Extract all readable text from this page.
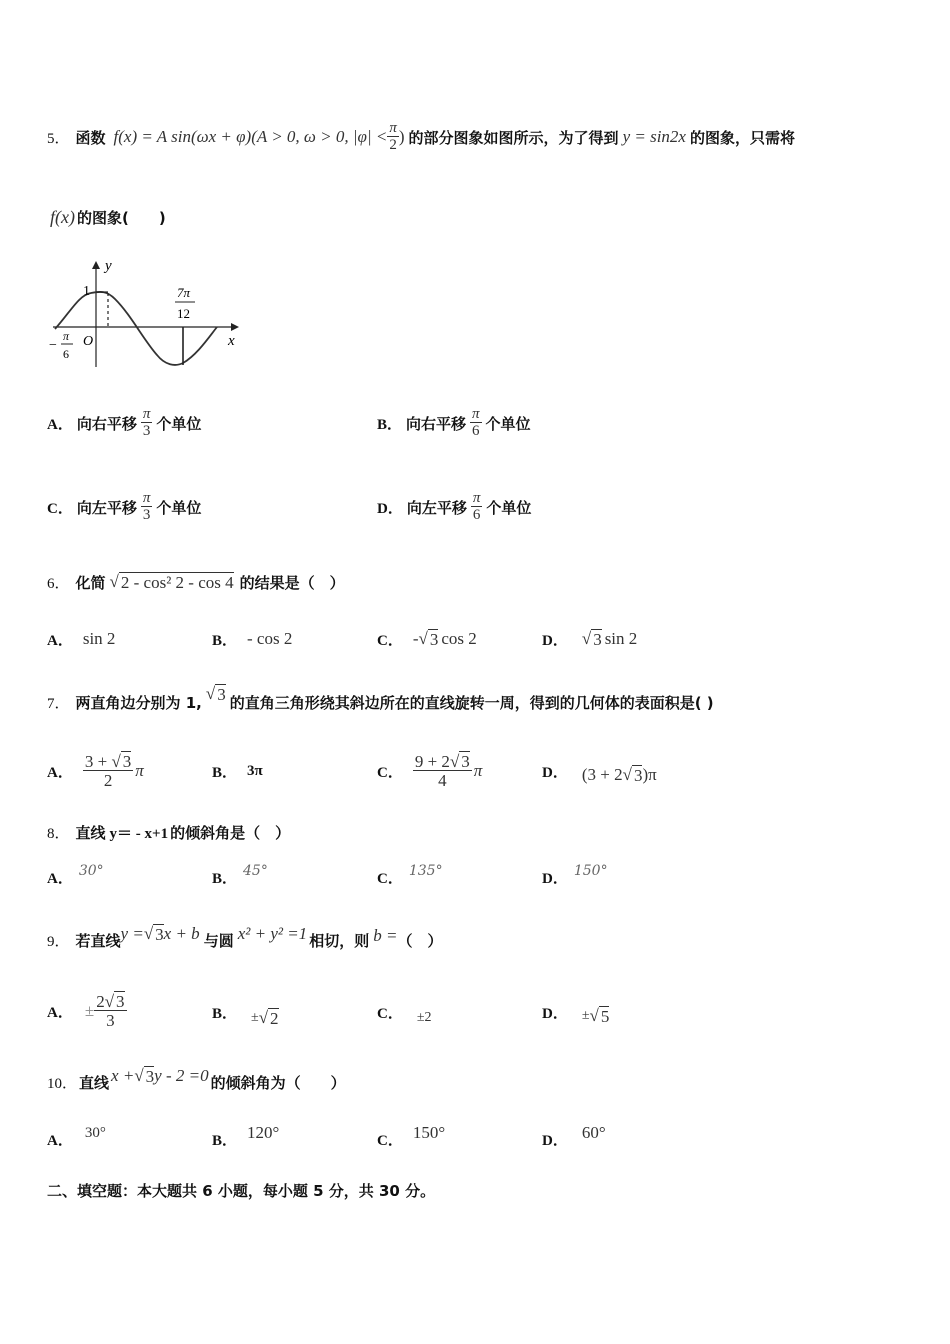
5． 函数 f(x) = A sin(ωx + φ)(A > 0, ω > 0, $|\varphi| < \frac{\pi}{2}$ ) 的部分图象如图所示，为了得到 y = sin2x 的图象，只需将
f(x) 的图象(　　)
y
x
O
1	7π
12
−
π
6
A． 向右平移 $\frac{\pi}{3}$ 个单位	B． 向右平移 $\frac{\pi}{6}$ 个单位
C． 向左平移 $\frac{\pi}{3}$ 个单位	D． 向左平移 $\frac{\pi}{6}$ 个单位
6． 化简 √ 2 - cos² 2 - cos 4 的结果是（　）
A． sin 2	B． - cos 2	C． - √ 3 cos 2	D． √ 3 sin 2
7． 两直角边分别为 1, √ 3 的直角三角形绕其斜边所在的直线旋转一周，得到的几何体的表面积是( )
A． $\frac{3 + √ 3}{2}$ π	B． 3π	C． $\frac{9 + 2√ 3}{4}$ π	D． (3 + 2 √ 3 )π
8． 直线 y＝ - x+1 的倾斜角是（　）
A． 30°	B． 45°	C． 135°	D． 150°
9． 若直线 y = √ 3 x + b 与圆 x² + y² =1 相切，则 b = （　）
A． ± $\frac{2√ 3}{3}$	B． ± √ 2	C． ±2	D． ± √ 5
10． 直线 x + √ 3 y - 2 =0 的倾斜角为（　　）
A． 30°	B． 120°	C． 150°	D． 60°
二、填空题：本大题共 6 小题，每小题 5 分，共 30 分。
